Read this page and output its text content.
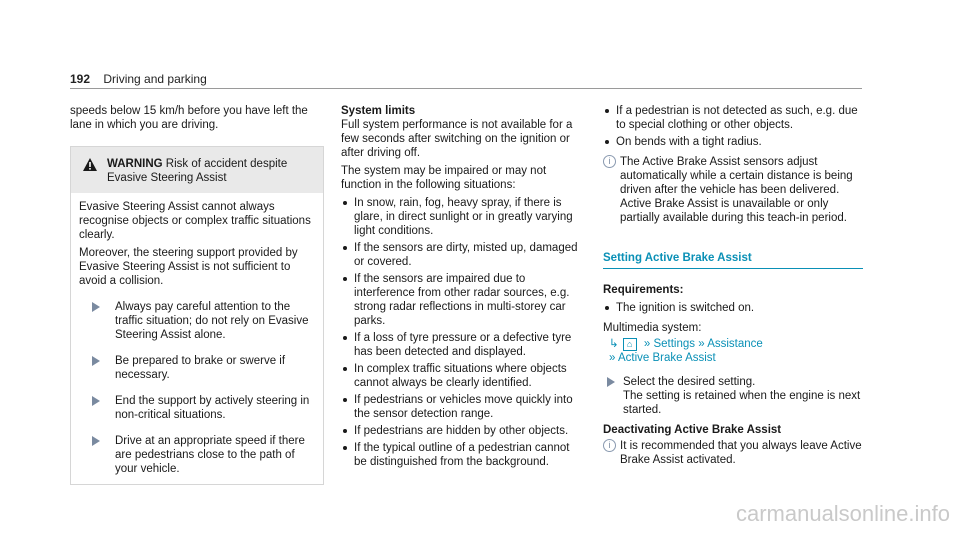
192 Driving and parking

speeds below 15 km/h before you have left the lane in which you are driving.

WARNING Risk of accident despite Evasive Steering Assist

Evasive Steering Assist cannot always recognise objects or complex traffic situations clearly.

Moreover, the steering support provided by Evasive Steering Assist is not sufficient to avoid a collision.

Always pay careful attention to the traffic situation; do not rely on Evasive Steering Assist alone.
Be prepared to brake or swerve if necessary.
End the support by actively steering in non-critical situations.
Drive at an appropriate speed if there are pedestrians close to the path of your vehicle.

System limits

Full system performance is not available for a few seconds after switching on the ignition or after driving off.

The system may be impaired or may not function in the following situations:

In snow, rain, fog, heavy spray, if there is glare, in direct sunlight or in greatly varying light conditions.
If the sensors are dirty, misted up, damaged or covered.
If the sensors are impaired due to interference from other radar sources, e.g. strong radar reflections in multi-storey car parks.
If a loss of tyre pressure or a defective tyre has been detected and displayed.
In complex traffic situations where objects cannot always be clearly identified.
If pedestrians or vehicles move quickly into the sensor detection range.
If pedestrians are hidden by other objects.
If the typical outline of a pedestrian cannot be distinguished from the background.
If a pedestrian is not detected as such, e.g. due to special clothing or other objects.
On bends with a tight radius.
i The Active Brake Assist sensors adjust automatically while a certain distance is being driven after the vehicle has been delivered. Active Brake Assist is unavailable or only partially available during this teach-in period.
Setting Active Brake Assist

Requirements:

The ignition is switched on.

Multimedia system:

↳ ⌂ » Settings » Assistance
» Active Brake Assist
Select the desired setting.
The setting is retained when the engine is next started.

Deactivating Active Brake Assist

i It is recommended that you always leave Active Brake Assist activated.
carmanualsonline.info
